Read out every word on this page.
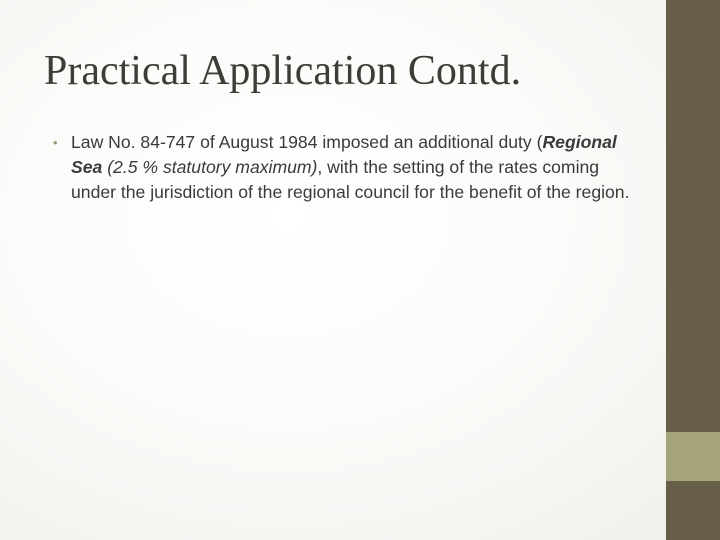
Practical Application Contd.
• Law No. 84-747 of August 1984 imposed an additional duty (Regional Sea (2.5 % statutory maximum), with the setting of the rates coming under the jurisdiction of the regional council for the benefit of the region.
